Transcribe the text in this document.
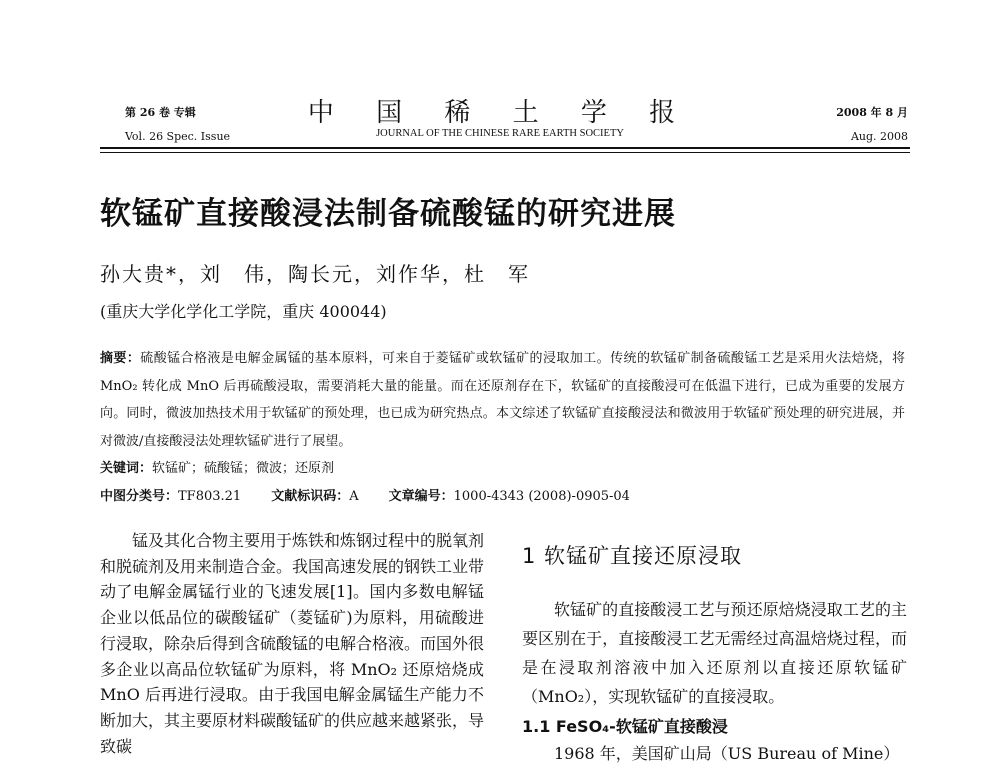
第 26 卷 专辑
Vol. 26 Spec. Issue
中 国 稀 土 学 报
JOURNAL OF THE CHINESE RARE EARTH SOCIETY
2008 年 8 月
Aug. 2008
软锰矿直接酸浸法制备硫酸锰的研究进展
孙大贵*，刘　伟，陶长元，刘作华，杜　军
(重庆大学化学化工学院，重庆 400044)
摘要：硫酸锰合格液是电解金属锰的基本原料，可来自于菱锰矿或软锰矿的浸取加工。传统的软锰矿制备硫酸锰工艺是采用火法焙烧，将 MnO₂ 转化成 MnO 后再硫酸浸取，需要消耗大量的能量。而在还原剂存在下，软锰矿的直接酸浸可在低温下进行，已成为重要的发展方向。同时，微波加热技术用于软锰矿的预处理，也已成为研究热点。本文综述了软锰矿直接酸浸法和微波用于软锰矿预处理的研究进展，并对微波/直接酸浸法处理软锰矿进行了展望。
关键词：软锰矿；硫酸锰；微波；还原剂
中图分类号：TF803.21 文献标识码：A 文章编号：1000-4343 (2008)-0905-04
锰及其化合物主要用于炼铁和炼钢过程中的脱氧剂和脱硫剂及用来制造合金。我国高速发展的钢铁工业带动了电解金属锰行业的飞速发展[1]。国内多数电解锰企业以低品位的碳酸锰矿（菱锰矿)为原料，用硫酸进行浸取，除杂后得到含硫酸锰的电解合格液。而国外很多企业以高品位软锰矿为原料，将 MnO₂ 还原焙烧成 MnO 后再进行浸取。由于我国电解金属锰生产能力不断加大，其主要原材料碳酸锰矿的供应越来越紧张，导致碳
1 软锰矿直接还原浸取

软锰矿的直接酸浸工艺与预还原焙烧浸取工艺的主要区别在于，直接酸浸工艺无需经过高温焙烧过程，而是在浸取剂溶液中加入还原剂以直接还原软锰矿（MnO₂），实现软锰矿的直接浸取。

1.1 FeSO₄-软锰矿直接酸浸

1968 年，美国矿山局（US Bureau of Mine）
